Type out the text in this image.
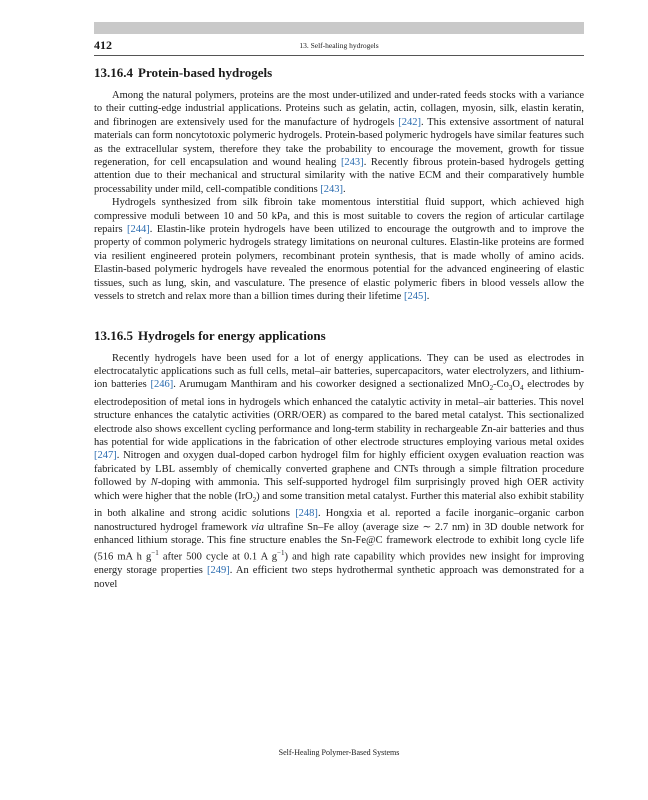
412	13. Self-healing hydrogels
13.16.4 Protein-based hydrogels

Among the natural polymers, proteins are the most under-utilized and under-rated feeds stocks with a variance to their cutting-edge industrial applications. Proteins such as gelatin, actin, collagen, myosin, silk, elastin keratin, and fibrinogen are extensively used for the manufacture of hydrogels [242]. This extensive assortment of natural materials can form noncytotoxic polymeric hydrogels. Protein-based polymeric hydrogels have similar features such as the extracellular system, therefore they take the probability to encourage the movement, growth for tissue regeneration, for cell encapsulation and wound healing [243]. Recently fibrous protein-based hydrogels getting attention due to their mechanical and structural similarity with the native ECM and their comparatively humble processability under mild, cell-compatible conditions [243].

Hydrogels synthesized from silk fibroin take momentous interstitial fluid support, which achieved high compressive moduli between 10 and 50 kPa, and this is most suitable to covers the region of articular cartilage repairs [244]. Elastin-like protein hydrogels have been utilized to encourage the outgrowth and to improve the property of common polymeric hydrogels strategy limitations on neuronal cultures. Elastin-like proteins are formed via resilient engineered protein polymers, recombinant protein synthesis, that is made wholly of amino acids. Elastin-based polymeric hydrogels have revealed the enormous potential for the advanced engineering of elastic tissues, such as lung, skin, and vasculature. The presence of elastic polymeric fibers in blood vessels allow the vessels to stretch and relax more than a billion times during their lifetime [245].

13.16.5 Hydrogels for energy applications

Recently hydrogels have been used for a lot of energy applications. They can be used as electrodes in electrocatalytic applications such as full cells, metal–air batteries, supercapacitors, water electrolyzers, and lithium-ion batteries [246]. Arumugam Manthiram and his coworker designed a sectionalized $MnO_2-Co_3O_4$ electrodes by electrodeposition of metal ions in hydrogels which enhanced the catalytic activity in metal–air batteries. This novel structure enhances the catalytic activities (ORR/OER) as compared to the bared metal catalyst. This sectionalized electrode also shows excellent cycling performance and long-term stability in rechargeable Zn-air batteries and thus has potential for wide applications in the fabrication of other electrode structures employing various metal oxides [247]. Nitrogen and oxygen dual-doped carbon hydrogel film for highly efficient oxygen evaluation reaction was fabricated by LBL assembly of chemically converted graphene and CNTs through a simple filtration procedure followed by N-doping with ammonia. This self-supported hydrogel film surprisingly proved high OER activity which were higher that the noble (IrO$_2$) and some transition metal catalyst. Further this material also exhibit stability in both alkaline and strong acidic solutions [248]. Hongxia et al. reported a facile inorganic–organic carbon nanostructured hydrogel framework via ultrafine Sn–Fe alloy (average size ∼ 2.7 nm) in 3D double network for enhanced lithium storage. This fine structure enables the Sn-Fe@C framework electrode to exhibit long cycle life (516 mA h $g^{-1}$ after 500 cycle at 0.1 A $g^{-1}$) and high rate capability which provides new insight for improving energy storage properties [249]. An efficient two steps hydrothermal synthetic approach was demonstrated for a novel

Self-Healing Polymer-Based Systems
